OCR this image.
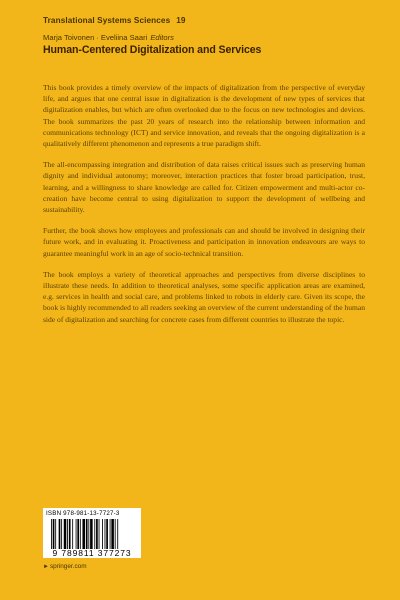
Translational Systems Sciences 19
Marja Toivonen · Eveliina Saari Editors
Human-Centered Digitalization and Services

This book provides a timely overview of the impacts of digitalization from the perspective of everyday life, and argues that one central issue in digitalization is the development of new types of services that digitalization enables, but which are often overlooked due to the focus on new technologies and devices. The book summarizes the past 20 years of research into the relationship between information and communications technology (ICT) and service innovation, and reveals that the ongoing digitalization is a qualitatively different phenomenon and represents a true paradigm shift.

The all-encompassing integration and distribution of data raises critical issues such as preserving human dignity and individual autonomy; moreover, interaction practices that foster broad participation, trust, learning, and a willingness to share knowledge are called for. Citizen empowerment and multi-actor co-creation have become central to using digitalization to support the development of wellbeing and sustainability.

Further, the book shows how employees and professionals can and should be involved in designing their future work, and in evaluating it. Proactiveness and participation in innovation endeavours are ways to guarantee meaningful work in an age of socio-technical transition.

The book employs a variety of theoretical approaches and perspectives from diverse disciplines to illustrate these needs. In addition to theoretical analyses, some specific application areas are examined, e.g. services in health and social care, and problems linked to robots in elderly care. Given its scope, the book is highly recommended to all readers seeking an overview of the current understanding of the human side of digitalization and searching for concrete cases from different countries to illustrate the topic.

ISBN 978-981-13-7727-3
9 789811 377273
►springer.com
